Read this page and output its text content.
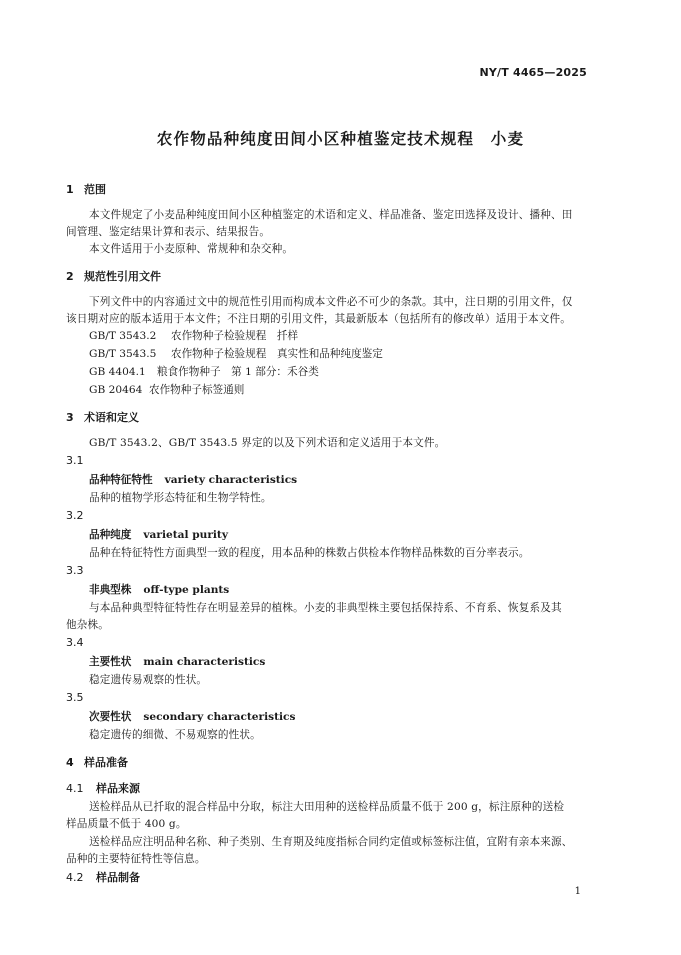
NY/T 4465—2025
农作物品种纯度田间小区种植鉴定技术规程　小麦
1 范围
本文件规定了小麦品种纯度田间小区种植鉴定的术语和定义、样品准备、鉴定田选择及设计、播种、田
间管理、鉴定结果计算和表示、结果报告。
本文件适用于小麦原种、常规种和杂交种。
2 规范性引用文件
下列文件中的内容通过文中的规范性引用而构成本文件必不可少的条款。其中，注日期的引用文件，仅
该日期对应的版本适用于本文件；不注日期的引用文件，其最新版本（包括所有的修改单）适用于本文件。
GB/T 3543.2 农作物种子检验规程　扦样
GB/T 3543.5 农作物种子检验规程　真实性和品种纯度鉴定
GB 4404.1 粮食作物种子　第 1 部分：禾谷类
GB 20464 农作物种子标签通则
3 术语和定义
GB/T 3543.2、GB/T 3543.5 界定的以及下列术语和定义适用于本文件。
3.1
品种特征特性 variety characteristics
品种的植物学形态特征和生物学特性。
3.2
品种纯度 varietal purity
品种在特征特性方面典型一致的程度，用本品种的株数占供检本作物样品株数的百分率表示。
3.3
非典型株 off-type plants
与本品种典型特征特性存在明显差异的植株。小麦的非典型株主要包括保持系、不育系、恢复系及其
他杂株。
3.4
主要性状 main characteristics
稳定遗传易观察的性状。
3.5
次要性状 secondary characteristics
稳定遗传的细微、不易观察的性状。
4 样品准备
4.1 样品来源
送检样品从已扦取的混合样品中分取，标注大田用种的送检样品质量不低于 200 g，标注原种的送检
样品质量不低于 400 g。
送检样品应注明品种名称、种子类别、生育期及纯度指标合同约定值或标签标注值，宜附有亲本来源、
品种的主要特征特性等信息。
4.2 样品制备
1
